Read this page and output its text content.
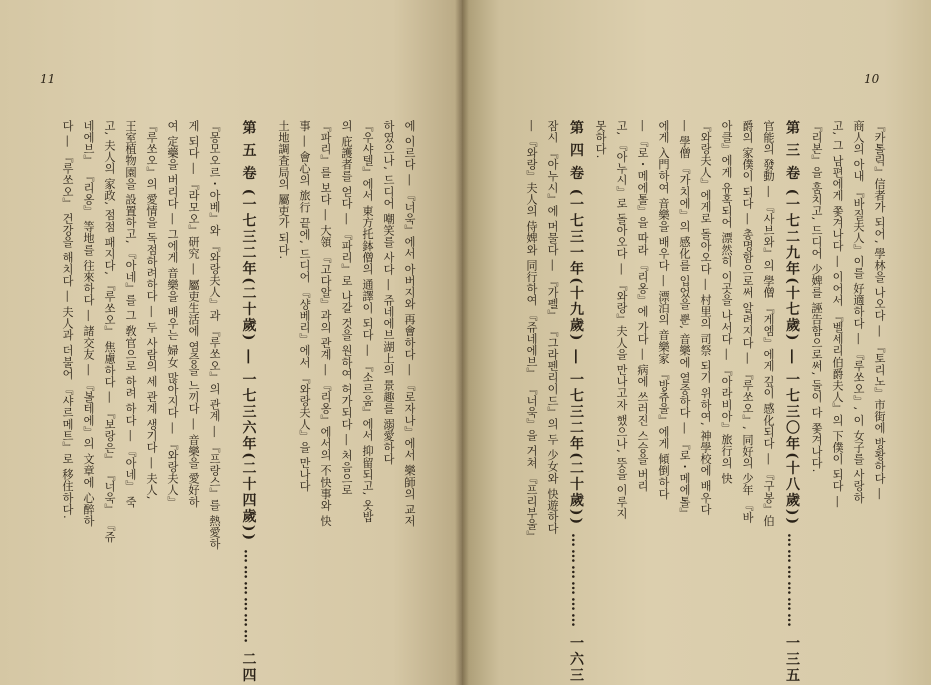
10
『카톨릭』信者가 되어, 學林을 나오다 ― 『토리노』市街에 방황하다 ―
商人의 아내 『바질夫人』이를 好適하다 ― 『루쏘오』, 이 女子를 사랑하
고, 그 남편에게 쫓겨나다 ― 이어서 『벨세리伯爵夫人』의 下僕이 되다 ―
『리본』을 훔치고, 드디어 少婢를 誣告함으로써, 둘이 다 쫓겨나다.
第 三 卷 (一七二九年(十七歲) ― 一七三〇年(十八歲)) ……………… 一三五
官能의 發動 ― 『사브와』의 學僧 『게엠』에게 깊이 感化되다 ― 『구봉』伯
爵의 家僕이 되다 ― 총명함으로써 알려지다 ― 『루쏘오』, 同好의 少年 『바
아클』에게 유혹되어 漂然히 이곳을 나서다 ― 『아라비아』旅行의 快
『와랑夫人』에게로 돌아오다 ― 村里의 司祭 되기 위하여, 神學校에 배우다
― 學僧 『가치에』의 感化를 입었을 뿐, 音樂에 열중하다 ― 『로・메에톨』
에게 入門하여 音樂을 배우다 ― 漂泊의 音樂家 『방츄울』에게 傾倒하다
― 『로・메에톨』을 따라 『리옹』에 가다 ― 病에 쓰러진 스승을 버리
고, 『아누시』로 돌아오다 ― 『와랑』夫人을 만나고자 했으나, 뜻을 이루지
못하다.
第 四 卷 (一七三一年(十九歲) ― 一七三二年(二十歲)) ……………… 一六三
잠시 『아누시』에 머물다 ― 『가펠』 『그라펜리이드』의 두 少女와 快遊하다
― 『와랑』夫人의 侍婢와 同行하여 『쥬네에브』 『너욱』을 거쳐 『프리부울』
11
에 이르다 ― 『너욱』에서 아버지와 再會하다 ― 『로자나』에서 樂師의 교저
하였으나, 드디어 嘲笑를 사다 ― 쥬네에브湖上의 景趣를 溺愛하다
『우샤텔』에서 東方托鉢僧의 通譯이 되다 ― 『소르움』에서 抑留되고, 옷밥
의 庇護者를 얻다 ― 『파리』로 나갈 것을 원하여 허가되다 ― 처음으로
『파리』를 보다 ― 大領 『고다알』과의 관계 ― 『리옹』에서의 不快事와 快
事 ― 會心의 旅行 끝에, 드디어 『샹베리』에서 『와랑夫人』을 만나다
土地調査局의 屬吏가 되다.
第 五 卷 (一七三二年(二十歲) ― 一七三六年(二十四歲)) ……………… 二四
『몽모오르・아베』와 『와랑夫人』과 『루쏘오』의 관계 ― 『프랑스』를 熱愛하
게 되다 ― 『라모오』研究 ― 屬吏生活에 염증을 느끼다 ― 音樂을 愛好하
여 定藥을 버리다 ― 그에게 音樂을 배우는 婦女 많아지다 ― 『와랑夫人』
『루쏘오』의 愛情을 독점하려하다 ― 두 사람의 세 관계 생기다 ― 夫人,
王室植物園을 設置하고, 『아네』를 그 敎官으로 하려 하다 ― 『아네』 죽
고, 夫人의 家政, 점점 패지다, 『루쏘오』 焦慮하다 ― 『보랑은』 『너욱』 『쥬
네에브』 『리옹』 等地를 往來하다 ― 諸交友 ― 『볼테에』의 文章에 心醉하
다 ― 『루쏘오』 건강을 해치다 ― 夫人과 더불어 『샤르메트』로 移住하다.
